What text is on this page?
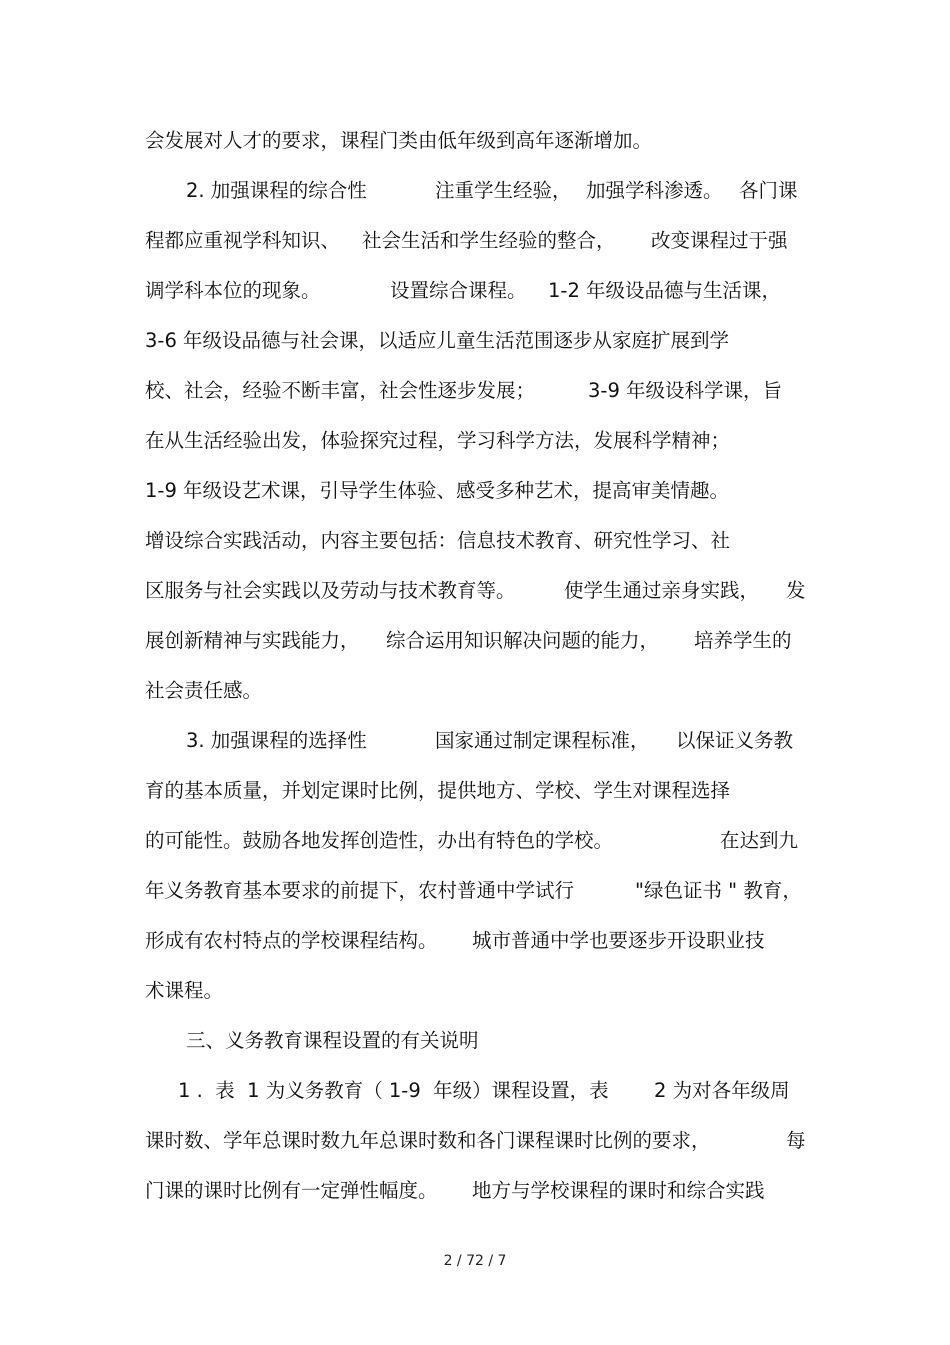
会发展对人才的要求，课程门类由低年级到高年逐渐增加。

2. 加强课程的综合性

	注重学生经验，

加强学科渗透。

各门课

程都应重视学科知识、

社会生活和学生经验的整合，

改变课程过于强

调学科本位的现象。

	设置综合课程。

1-2 年级设品德与生活课，

3-6 年级设品德与社会课，以适应儿童生活范围逐步从家庭扩展到学

校、社会，经验不断丰富，社会性逐步发展；

	3-9 年级设科学课，旨

在从生活经验出发，体验探究过程，学习科学方法，发展科学精神；

1-9 年级设艺术课，引导学生体验、感受多种艺术，提高审美情趣。

增设综合实践活动，内容主要包括：信息技术教育、研究性学习、社

区服务与社会实践以及劳动与技术教育等。

使学生通过亲身实践，

发

展创新精神与实践能力，

综合运用知识解决问题的能力，

培养学生的

社会责任感。

3. 加强课程的选择性

	国家通过制定课程标准，

以保证义务教

育的基本质量，并划定课时比例，提供地方、学校、学生对课程选择

的可能性。鼓励各地发挥创造性，办出有特色的学校。

	在达到九

年义务教育基本要求的前提下，农村普通中学试行

	"绿色证书 " 教育，

形成有农村特点的学校课程结构。

城市普通中学也要逐步开设职业技

术课程。

三、义务教育课程设置的有关说明

1 .  表  1 为义务教育（ 1-9  年级）课程设置，表

2 为对各年级周

课时数、学年总课时数九年总课时数和各门课程课时比例的要求，

	每

门课的课时比例有一定弹性幅度。

地方与学校课程的课时和综合实践

2 / 72 / 7
